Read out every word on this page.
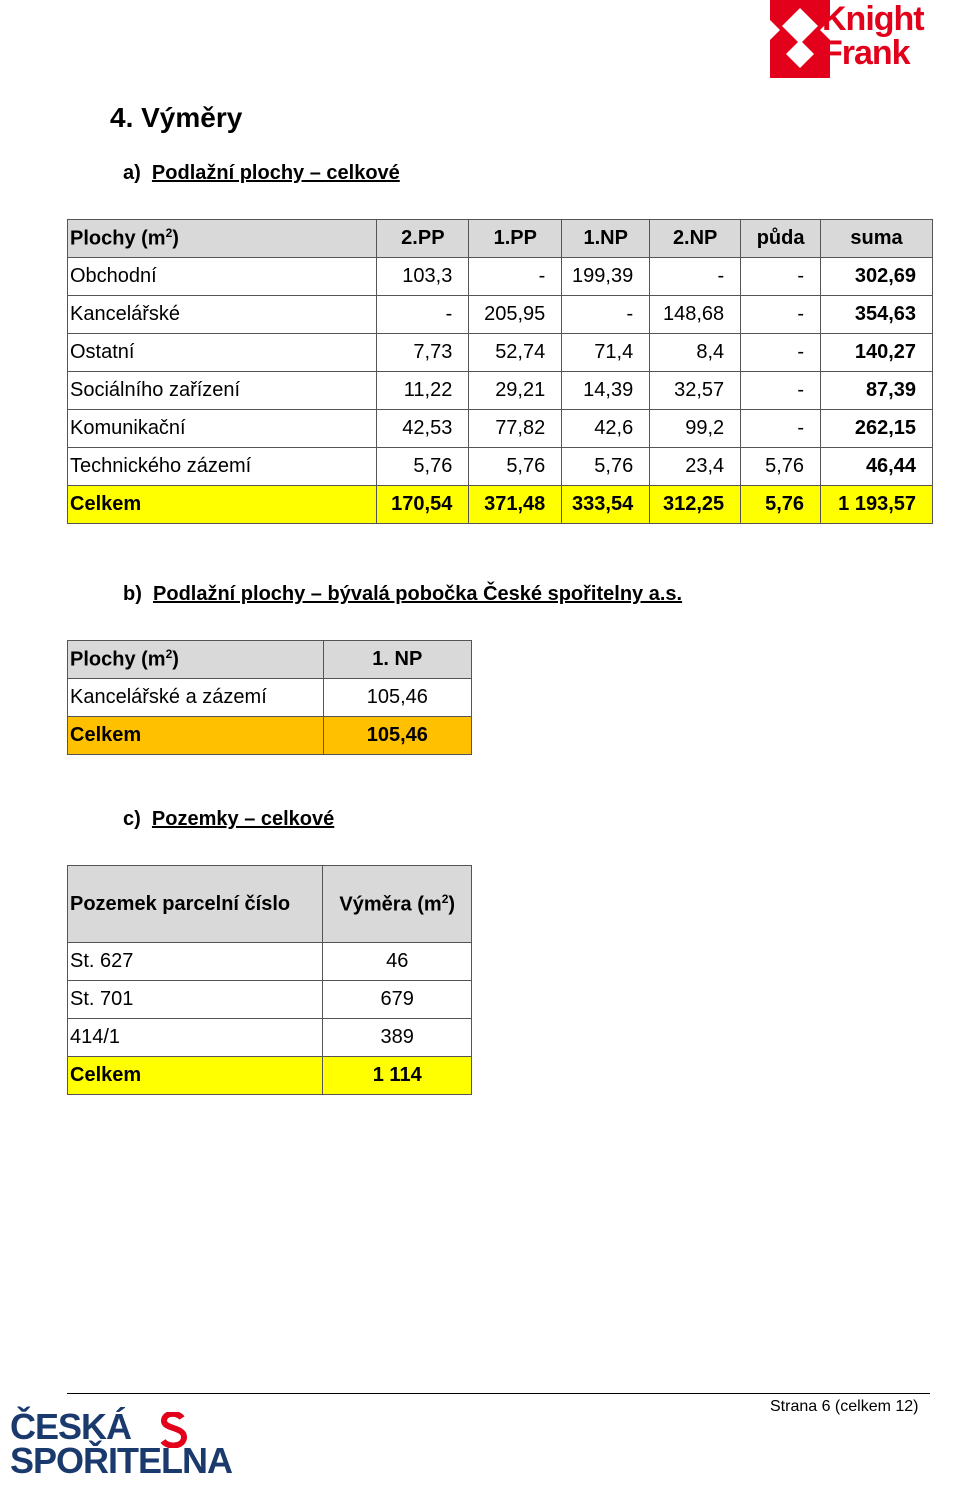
Knight
Frank
4. Výměry
a) Podlažní plochy – celkové
Plochy $(m^2)$	2.PP	1.PP	1.NP	2.NP	půda	suma
Obchodní	103,3	-	199,39	-	-	302,69
Kancelářské	-	205,95	-	148,68	-	354,63
Ostatní	7,73	52,74	71,4	8,4	-	140,27
Sociálního zařízení	11,22	29,21	14,39	32,57	-	87,39
Komunikační	42,53	77,82	42,6	99,2	-	262,15
Technického zázemí	5,76	5,76	5,76	23,4	5,76	46,44
Celkem	170,54	371,48	333,54	312,25	5,76	1 193,57
b) Podlažní plochy – bývalá pobočka České spořitelny a.s.
Plochy $(m^2)$	1. NP
Kancelářské a zázemí	105,46
Celkem	105,46
c) Pozemky – celkové
Pozemek parcelní číslo	Výměra $(m^2)$
St. 627	46
St. 701	679
414/1	389
Celkem	1 114
Strana 6 (celkem 12)
ČESKÁ
SPOŘITELNA
